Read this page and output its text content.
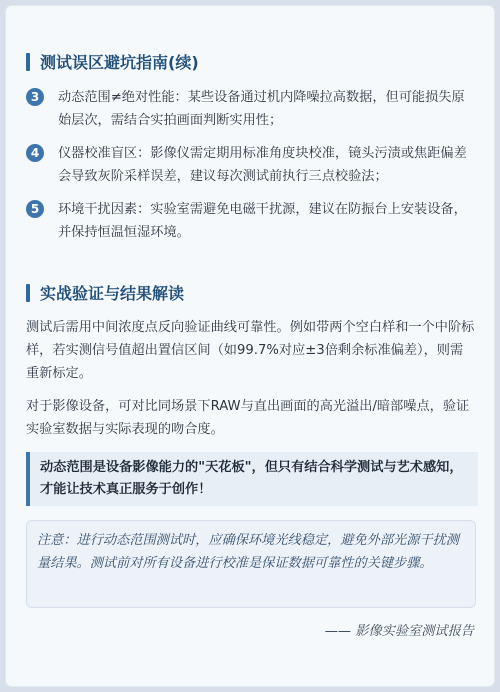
测试误区避坑指南(续)
3	动态范围≠绝对性能：某些设备通过机内降噪拉高数据，但可能损失原始层次，需结合实拍画面判断实用性；
4	仪器校准盲区：影像仪需定期用标准角度块校准，镜头污渍或焦距偏差会导致灰阶采样误差，建议每次测试前执行三点校验法；
5	环境干扰因素：实验室需避免电磁干扰源，建议在防振台上安装设备，并保持恒温恒湿环境。
实战验证与结果解读
测试后需用中间浓度点反向验证曲线可靠性。例如带两个空白样和一个中阶标样，若实测信号值超出置信区间（如99.7%对应±3倍剩余标准偏差），则需重新标定。
对于影像设备，可对比同场景下RAW与直出画面的高光溢出/暗部噪点，验证实验室数据与实际表现的吻合度。
动态范围是设备影像能力的"天花板"，但只有结合科学测试与艺术感知，才能让技术真正服务于创作！
注意：进行动态范围测试时，应确保环境光线稳定，避免外部光源干扰测量结果。测试前对所有设备进行校准是保证数据可靠性的关键步骤。
—— 影像实验室测试报告
